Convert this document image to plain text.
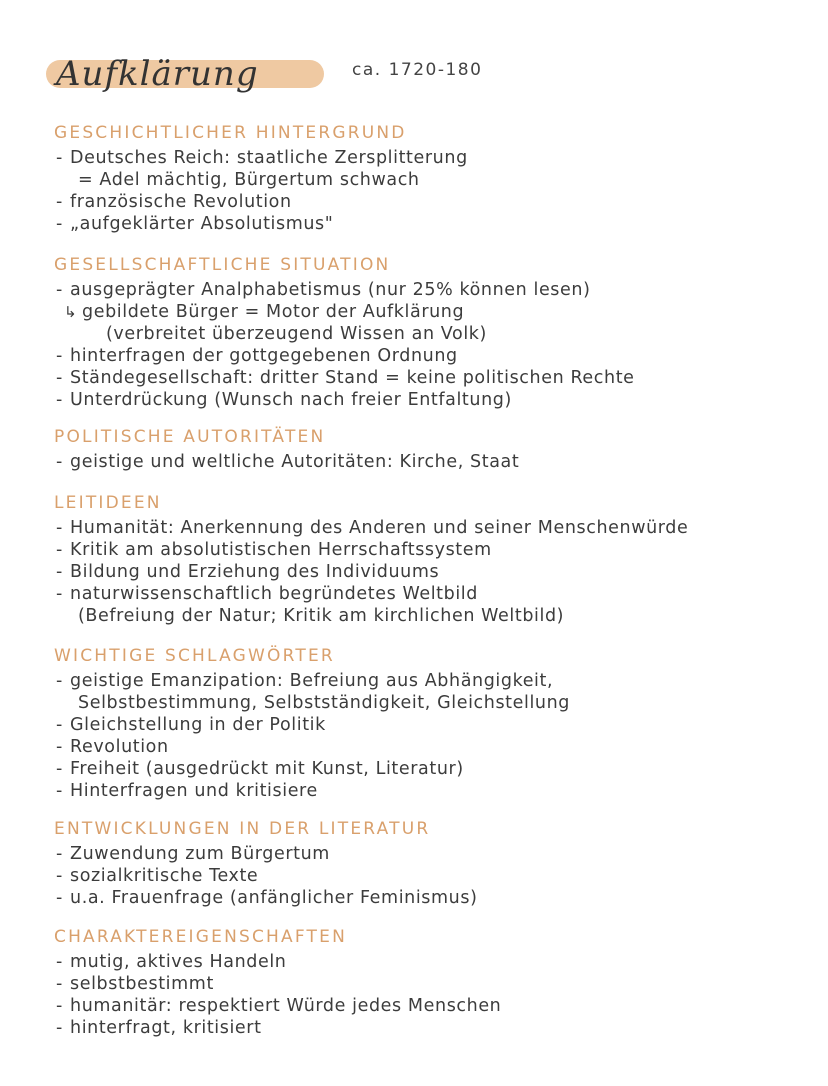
Aufklärung	ca. 1720-180
GESCHICHTLICHER HINTERGRUND
- Deutsches Reich: staatliche Zersplitterung
= Adel mächtig, Bürgertum schwach
- französische Revolution
- „aufgeklärter Absolutismus"
GESELLSCHAFTLICHE SITUATION
- ausgeprägter Analphabetismus (nur 25% können lesen)
↳ gebildete Bürger = Motor der Aufklärung
(verbreitet überzeugend Wissen an Volk)
- hinterfragen der gottgegebenen Ordnung
- Ständegesellschaft: dritter Stand = keine politischen Rechte
- Unterdrückung (Wunsch nach freier Entfaltung)
POLITISCHE AUTORITÄTEN
- geistige und weltliche Autoritäten: Kirche, Staat
LEITIDEEN
- Humanität: Anerkennung des Anderen und seiner Menschenwürde
- Kritik am absolutistischen Herrschaftssystem
- Bildung und Erziehung des Individuums
- naturwissenschaftlich begründetes Weltbild
(Befreiung der Natur; Kritik am kirchlichen Weltbild)
WICHTIGE SCHLAGWÖRTER
- geistige Emanzipation: Befreiung aus Abhängigkeit,
Selbstbestimmung, Selbstständigkeit, Gleichstellung
- Gleichstellung in der Politik
- Revolution
- Freiheit (ausgedrückt mit Kunst, Literatur)
- Hinterfragen und kritisiere
ENTWICKLUNGEN IN DER LITERATUR
- Zuwendung zum Bürgertum
- sozialkritische Texte
- u.a. Frauenfrage (anfänglicher Feminismus)
CHARAKTEREIGENSCHAFTEN
- mutig, aktives Handeln
- selbstbestimmt
- humanitär: respektiert Würde jedes Menschen
- hinterfragt, kritisiert
